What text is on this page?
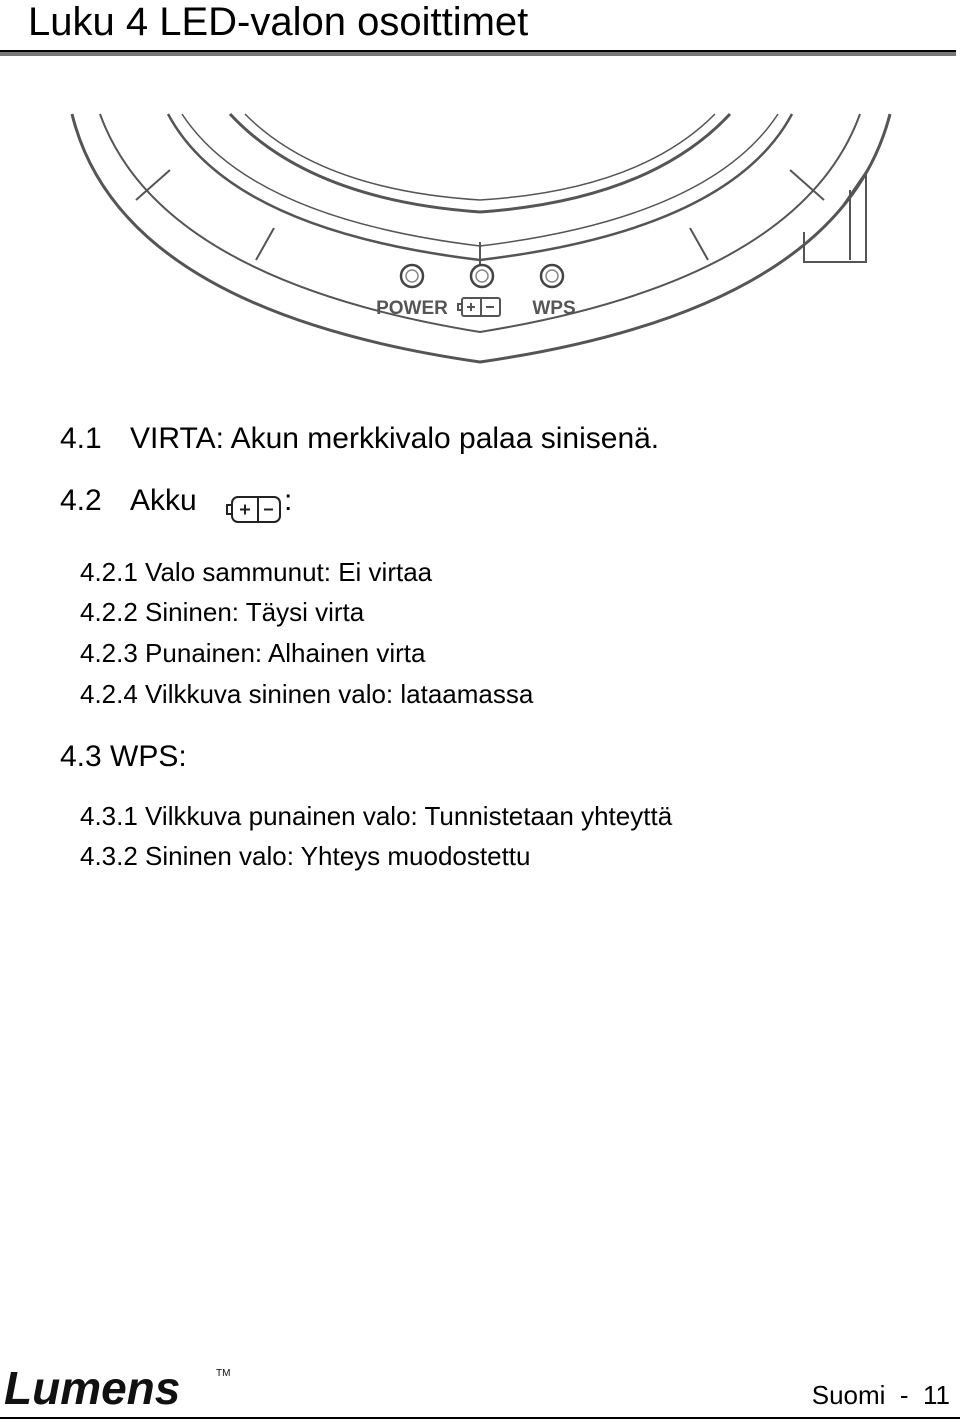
Luku 4 LED-valon osoittimet
POWER	WPS
4.1 VIRTA: Akun merkkivalo palaa sinisenä.
4.2 Akku	:
4.2.1 Valo sammunut: Ei virtaa
4.2.2 Sininen: Täysi virta
4.2.3 Punainen: Alhainen virta
4.2.4 Vilkkuva sininen valo: lataamassa
4.3 WPS:
4.3.1 Vilkkuva punainen valo: Tunnistetaan yhteyttä
4.3.2 Sininen valo: Yhteys muodostettu
Lumens	TM
Suomi  -  11
